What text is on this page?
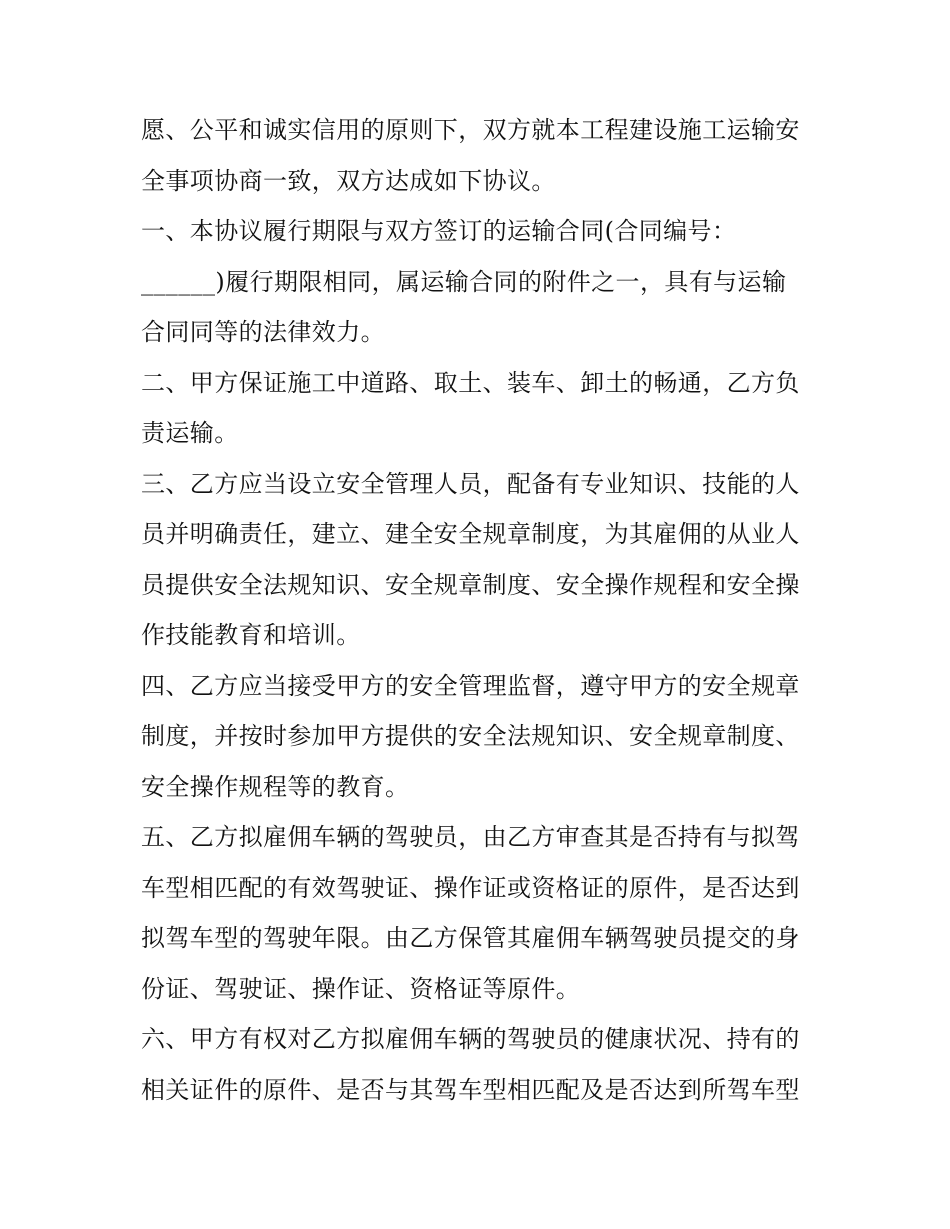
愿、公平和诚实信用的原则下，双方就本工程建设施工运输安
全事项协商一致，双方达成如下协议。
一、本协议履行期限与双方签订的运输合同(合同编号：
______)履行期限相同，属运输合同的附件之一，具有与运输
合同同等的法律效力。
二、甲方保证施工中道路、取土、装车、卸土的畅通，乙方负
责运输。
三、乙方应当设立安全管理人员，配备有专业知识、技能的人
员并明确责任，建立、建全安全规章制度，为其雇佣的从业人
员提供安全法规知识、安全规章制度、安全操作规程和安全操
作技能教育和培训。
四、乙方应当接受甲方的安全管理监督，遵守甲方的安全规章
制度，并按时参加甲方提供的安全法规知识、安全规章制度、
安全操作规程等的教育。
五、乙方拟雇佣车辆的驾驶员，由乙方审查其是否持有与拟驾
车型相匹配的有效驾驶证、操作证或资格证的原件，是否达到
拟驾车型的驾驶年限。由乙方保管其雇佣车辆驾驶员提交的身
份证、驾驶证、操作证、资格证等原件。
六、甲方有权对乙方拟雇佣车辆的驾驶员的健康状况、持有的
相关证件的原件、是否与其驾车型相匹配及是否达到所驾车型
